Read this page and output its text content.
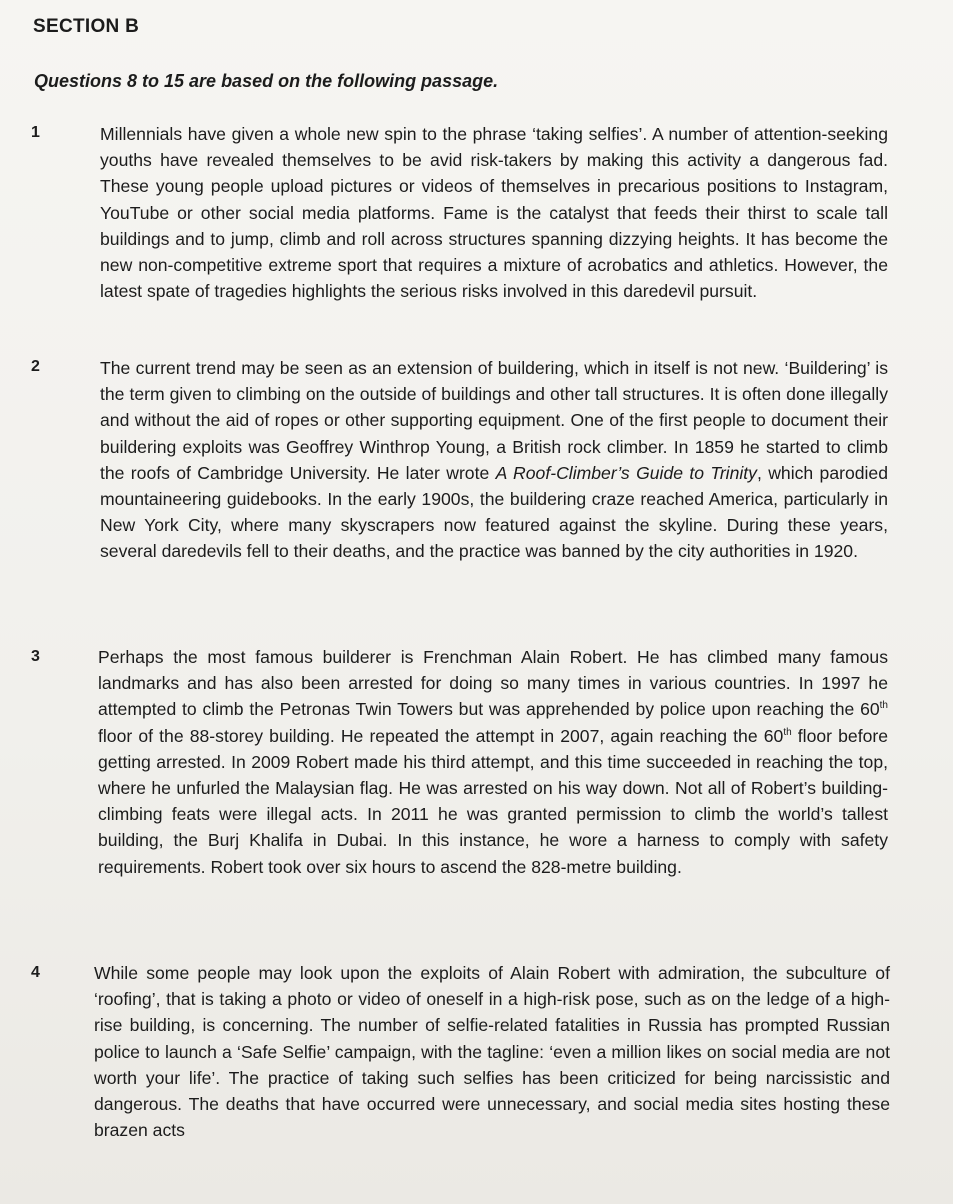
SECTION B
Questions 8 to 15 are based on the following passage.
1	Millennials have given a whole new spin to the phrase ‘taking selfies’. A number of attention-seeking youths have revealed themselves to be avid risk-takers by making this activity a dangerous fad. These young people upload pictures or videos of themselves in precarious positions to Instagram, YouTube or other social media platforms. Fame is the catalyst that feeds their thirst to scale tall buildings and to jump, climb and roll across structures spanning dizzying heights. It has become the new non-competitive extreme sport that requires a mixture of acrobatics and athletics. However, the latest spate of tragedies highlights the serious risks involved in this daredevil pursuit.

2	The current trend may be seen as an extension of buildering, which in itself is not new. ‘Buildering’ is the term given to climbing on the outside of buildings and other tall structures. It is often done illegally and without the aid of ropes or other supporting equipment. One of the first people to document their buildering exploits was Geoffrey Winthrop Young, a British rock climber. In 1859 he started to climb the roofs of Cambridge University. He later wrote A Roof-Climber’s Guide to Trinity, which parodied mountaineering guidebooks. In the early 1900s, the buildering craze reached America, particularly in New York City, where many skyscrapers now featured against the skyline. During these years, several daredevils fell to their deaths, and the practice was banned by the city authorities in 1920.

3	Perhaps the most famous builderer is Frenchman Alain Robert. He has climbed many famous landmarks and has also been arrested for doing so many times in various countries. In 1997 he attempted to climb the Petronas Twin Towers but was apprehended by police upon reaching the 60th floor of the 88-storey building. He repeated the attempt in 2007, again reaching the 60th floor before getting arrested. In 2009 Robert made his third attempt, and this time succeeded in reaching the top, where he unfurled the Malaysian flag. He was arrested on his way down. Not all of Robert’s building-climbing feats were illegal acts. In 2011 he was granted permission to climb the world’s tallest building, the Burj Khalifa in Dubai. In this instance, he wore a harness to comply with safety requirements. Robert took over six hours to ascend the 828-metre building.

4	While some people may look upon the exploits of Alain Robert with admiration, the subculture of ‘roofing’, that is taking a photo or video of oneself in a high-risk pose, such as on the ledge of a high-rise building, is concerning. The number of selfie-related fatalities in Russia has prompted Russian police to launch a ‘Safe Selfie’ campaign, with the tagline: ‘even a million likes on social media are not worth your life’. The practice of taking such selfies has been criticized for being narcissistic and dangerous. The deaths that have occurred were unnecessary, and social media sites hosting these brazen acts
